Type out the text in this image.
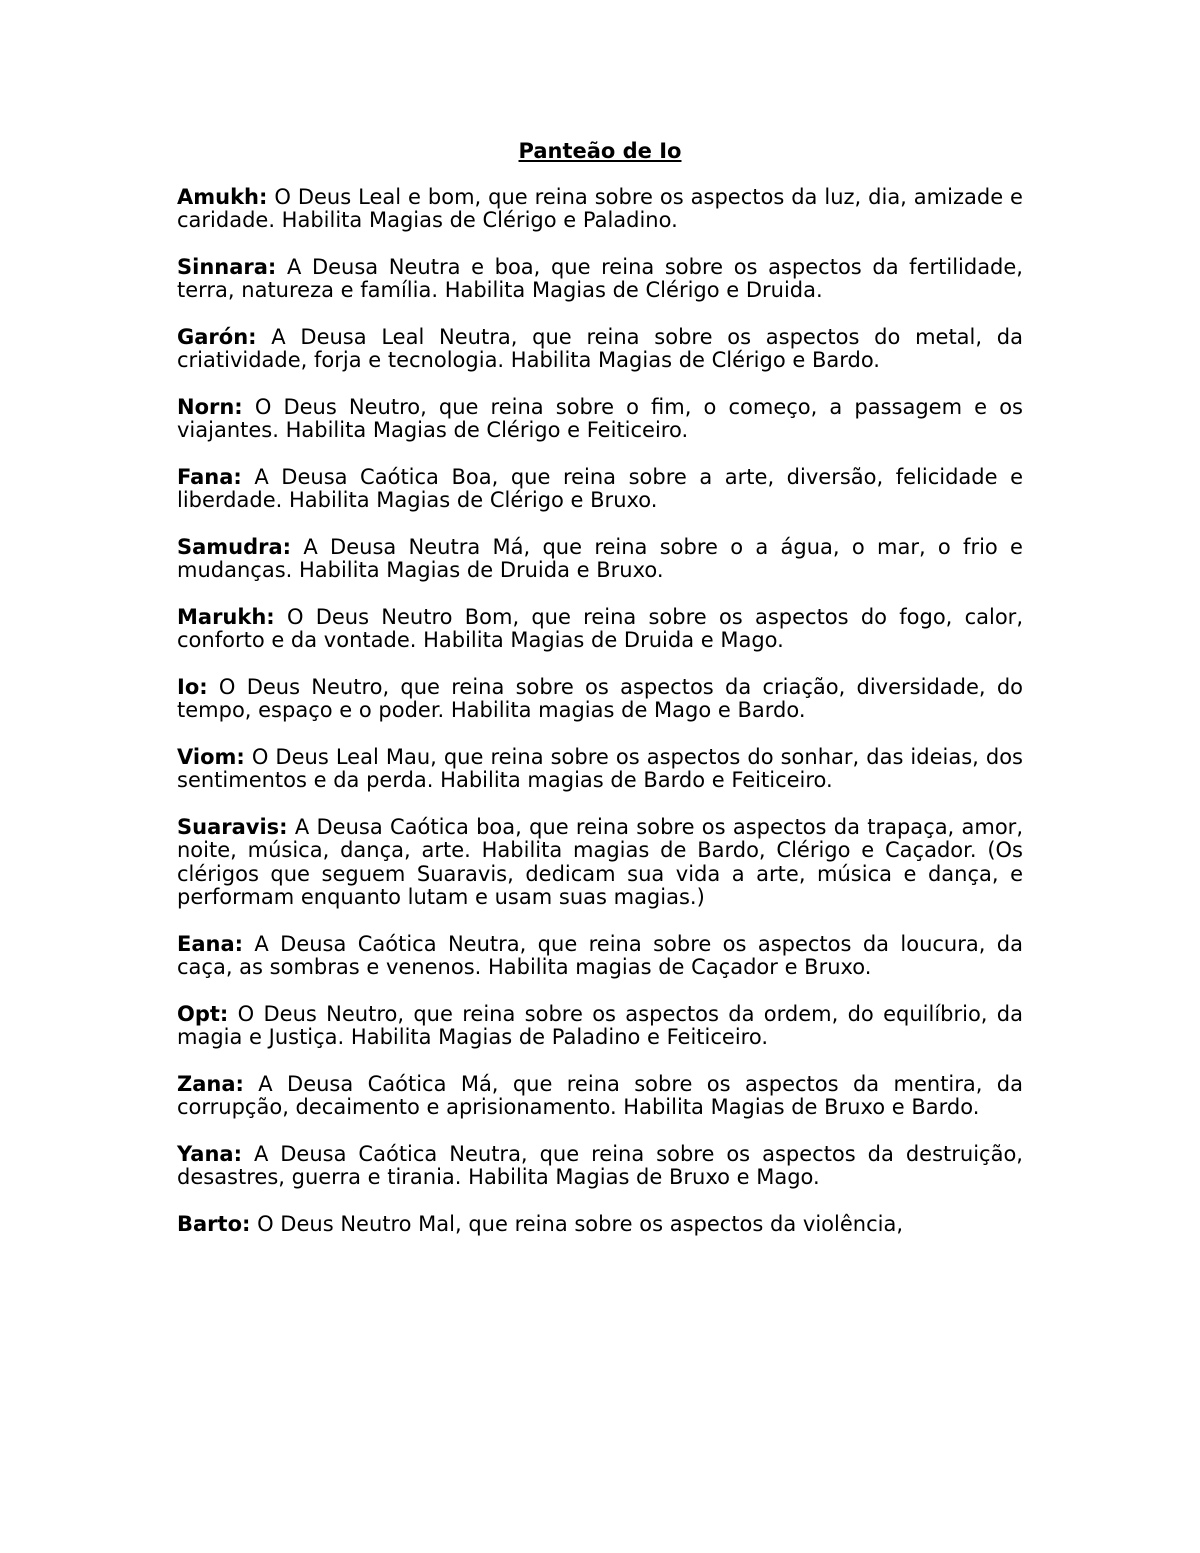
Panteão de Io

Amukh: O Deus Leal e bom, que reina sobre os aspectos da luz, dia, amizade e caridade. Habilita Magias de Clérigo e Paladino.

Sinnara: A Deusa Neutra e boa, que reina sobre os aspectos da fertilidade, terra, natureza e família. Habilita Magias de Clérigo e Druida.

Garón: A Deusa Leal Neutra, que reina sobre os aspectos do metal, da criatividade, forja e tecnologia. Habilita Magias de Clérigo e Bardo.

Norn: O Deus Neutro, que reina sobre o fim, o começo, a passagem e os viajantes. Habilita Magias de Clérigo e Feiticeiro.

Fana: A Deusa Caótica Boa, que reina sobre a arte, diversão, felicidade e liberdade. Habilita Magias de Clérigo e Bruxo.

Samudra: A Deusa Neutra Má, que reina sobre o a água, o mar, o frio e mudanças. Habilita Magias de Druida e Bruxo.

Marukh: O Deus Neutro Bom, que reina sobre os aspectos do fogo, calor, conforto e da vontade. Habilita Magias de Druida e Mago.

Io: O Deus Neutro, que reina sobre os aspectos da criação, diversidade, do tempo, espaço e o poder. Habilita magias de Mago e Bardo.

Viom: O Deus Leal Mau, que reina sobre os aspectos do sonhar, das ideias, dos sentimentos e da perda. Habilita magias de Bardo e Feiticeiro.

Suaravis: A Deusa Caótica boa, que reina sobre os aspectos da trapaça, amor, noite, música, dança, arte. Habilita magias de Bardo, Clérigo e Caçador. (Os clérigos que seguem Suaravis, dedicam sua vida a arte, música e dança, e performam enquanto lutam e usam suas magias.)

Eana: A Deusa Caótica Neutra, que reina sobre os aspectos da loucura, da caça, as sombras e venenos. Habilita magias de Caçador e Bruxo.

Opt: O Deus Neutro, que reina sobre os aspectos da ordem, do equilíbrio, da magia e Justiça. Habilita Magias de Paladino e Feiticeiro.

Zana: A Deusa Caótica Má, que reina sobre os aspectos da mentira, da corrupção, decaimento e aprisionamento. Habilita Magias de Bruxo e Bardo.

Yana: A Deusa Caótica Neutra, que reina sobre os aspectos da destruição, desastres, guerra e tirania. Habilita Magias de Bruxo e Mago.

Barto: O Deus Neutro Mal, que reina sobre os aspectos da violência,
